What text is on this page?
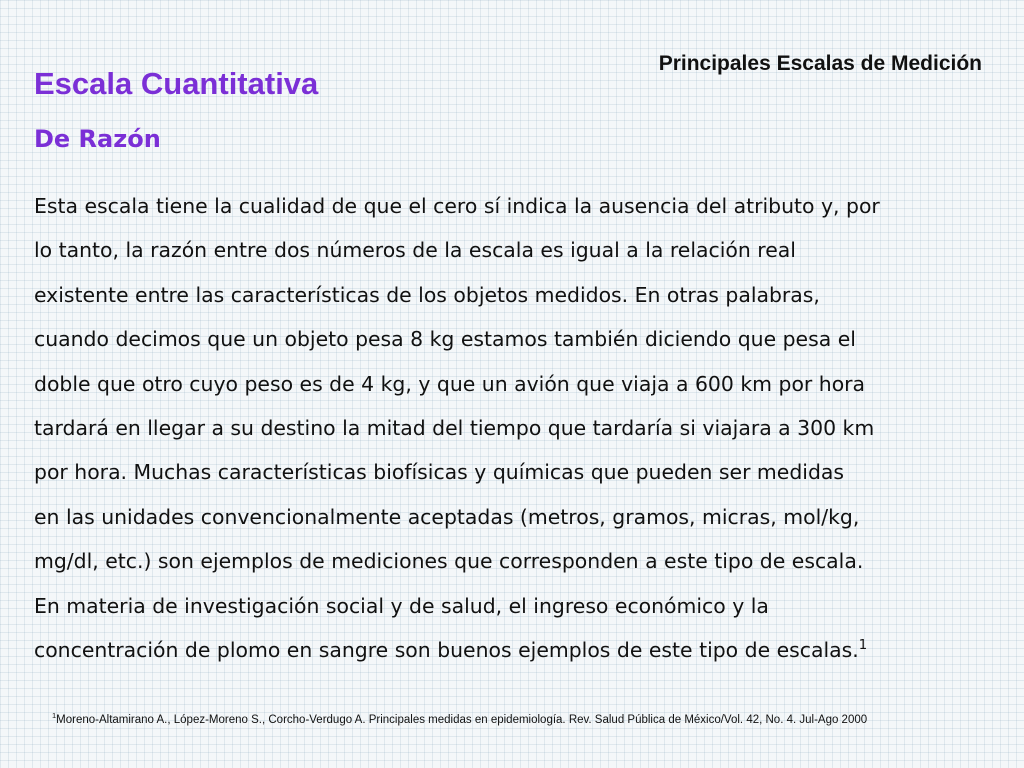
Principales Escalas de Medición
Escala Cuantitativa
De Razón
Esta escala tiene la cualidad de que el cero sí indica la ausencia del atributo y, por
lo tanto, la razón entre dos números de la escala es igual a la relación real
existente entre las características de los objetos medidos. En otras palabras,
cuando decimos que un objeto pesa 8 kg estamos también diciendo que pesa el
doble que otro cuyo peso es de 4 kg, y que un avión que viaja a 600 km por hora
tardará en llegar a su destino la mitad del tiempo que tardaría si viajara a 300 km
por hora. Muchas características biofísicas y químicas que pueden ser medidas
en las unidades convencionalmente aceptadas (metros, gramos, micras, mol/kg,
mg/dl, etc.) son ejemplos de mediciones que corresponden a este tipo de escala.
En materia de investigación social y de salud, el ingreso económico y la
concentración de plomo en sangre son buenos ejemplos de este tipo de escalas.$^1$
$^1$Moreno-Altamirano A., López-Moreno S., Corcho-Verdugo A. Principales medidas en epidemiología. Rev. Salud Pública de México/Vol. 42, No. 4. Jul-Ago 2000
